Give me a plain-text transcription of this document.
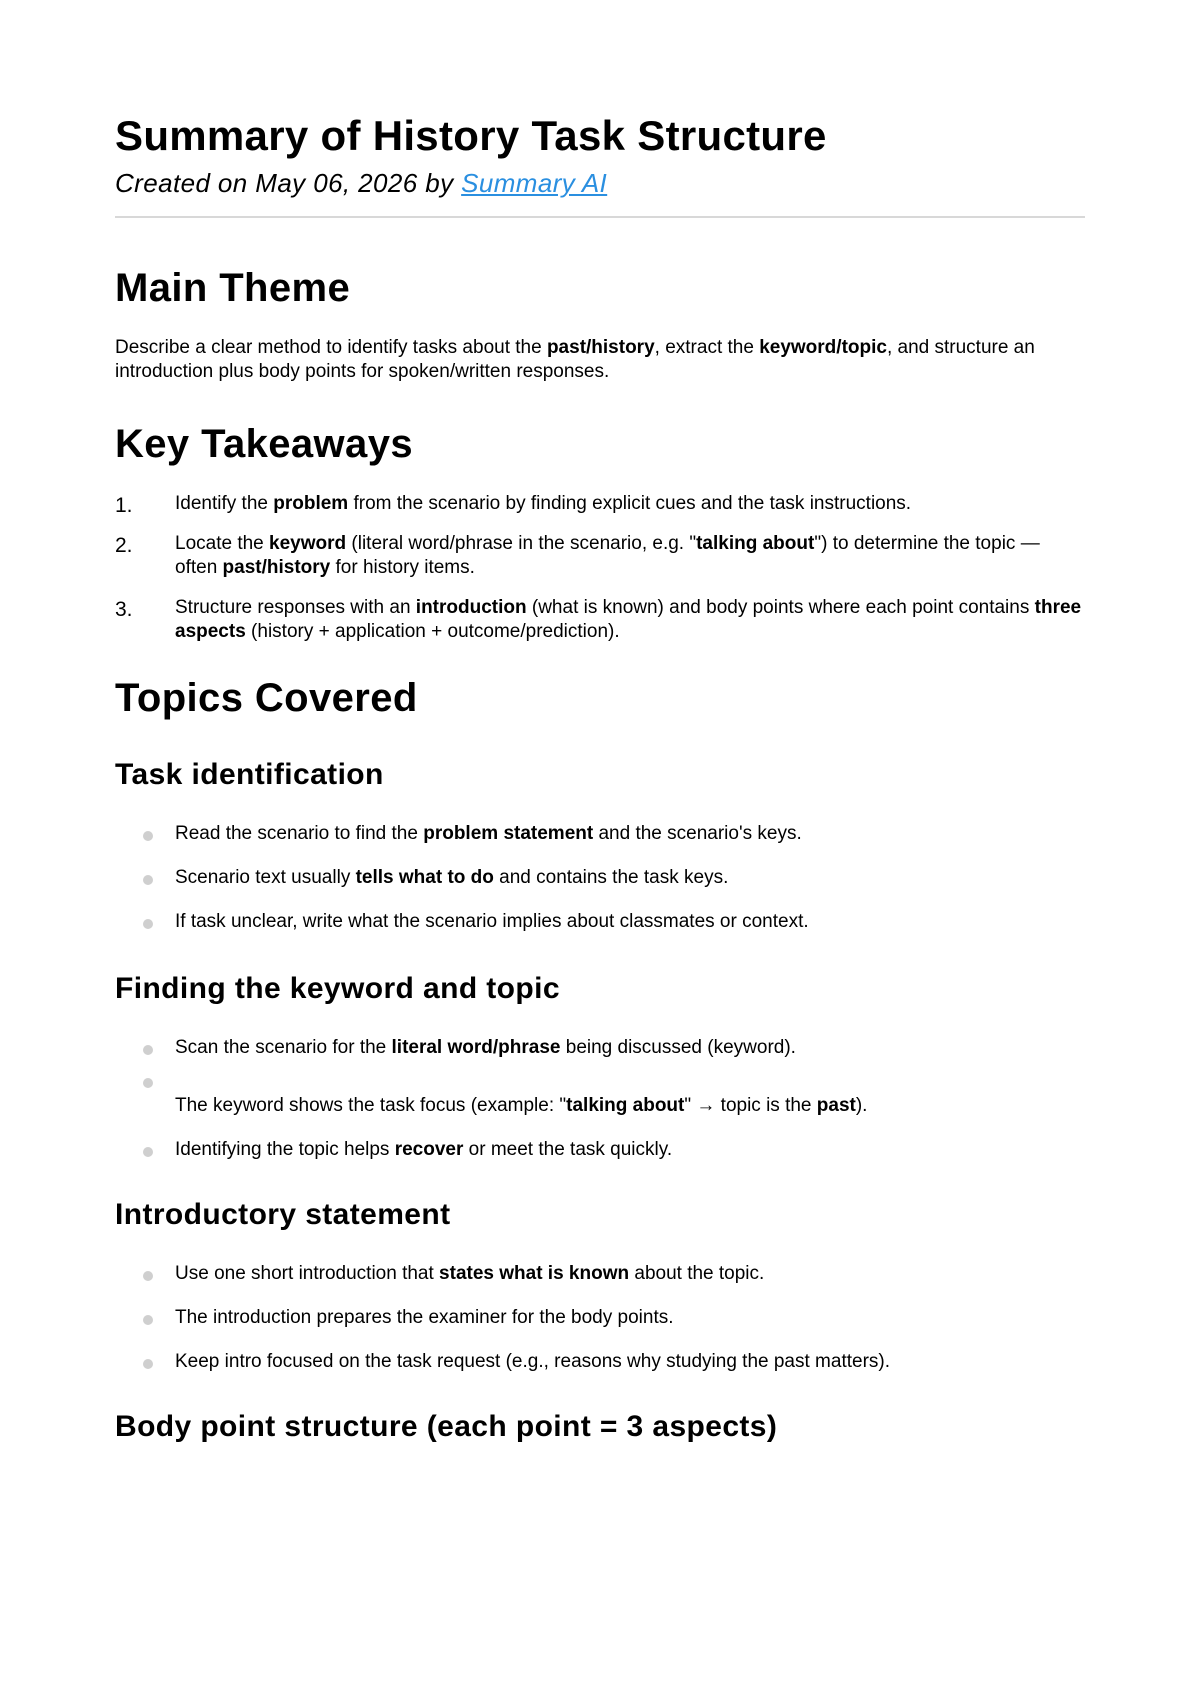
Summary of History Task Structure
Created on May 06, 2026 by Summary AI
Main Theme

Describe a clear method to identify tasks about the past/history, extract the keyword/topic, and structure an introduction plus body points for spoken/written responses.

Key Takeaways
1. Identify the problem from the scenario by finding explicit cues and the task instructions.
2. Locate the keyword (literal word/phrase in the scenario, e.g. "talking about") to determine the topic — often past/history for history items.
3. Structure responses with an introduction (what is known) and body points where each point contains three aspects (history + application + outcome/prediction).
Topics Covered
Task identification
Read the scenario to find the problem statement and the scenario's keys.
Scenario text usually tells what to do and contains the task keys.
If task unclear, write what the scenario implies about classmates or context.
Finding the keyword and topic
Scan the scenario for the literal word/phrase being discussed (keyword).
The keyword shows the task focus (example: "talking about" → topic is the past).
Identifying the topic helps recover or meet the task quickly.
Introductory statement
Use one short introduction that states what is known about the topic.
The introduction prepares the examiner for the body points.
Keep intro focused on the task request (e.g., reasons why studying the past matters).
Body point structure (each point = 3 aspects)
